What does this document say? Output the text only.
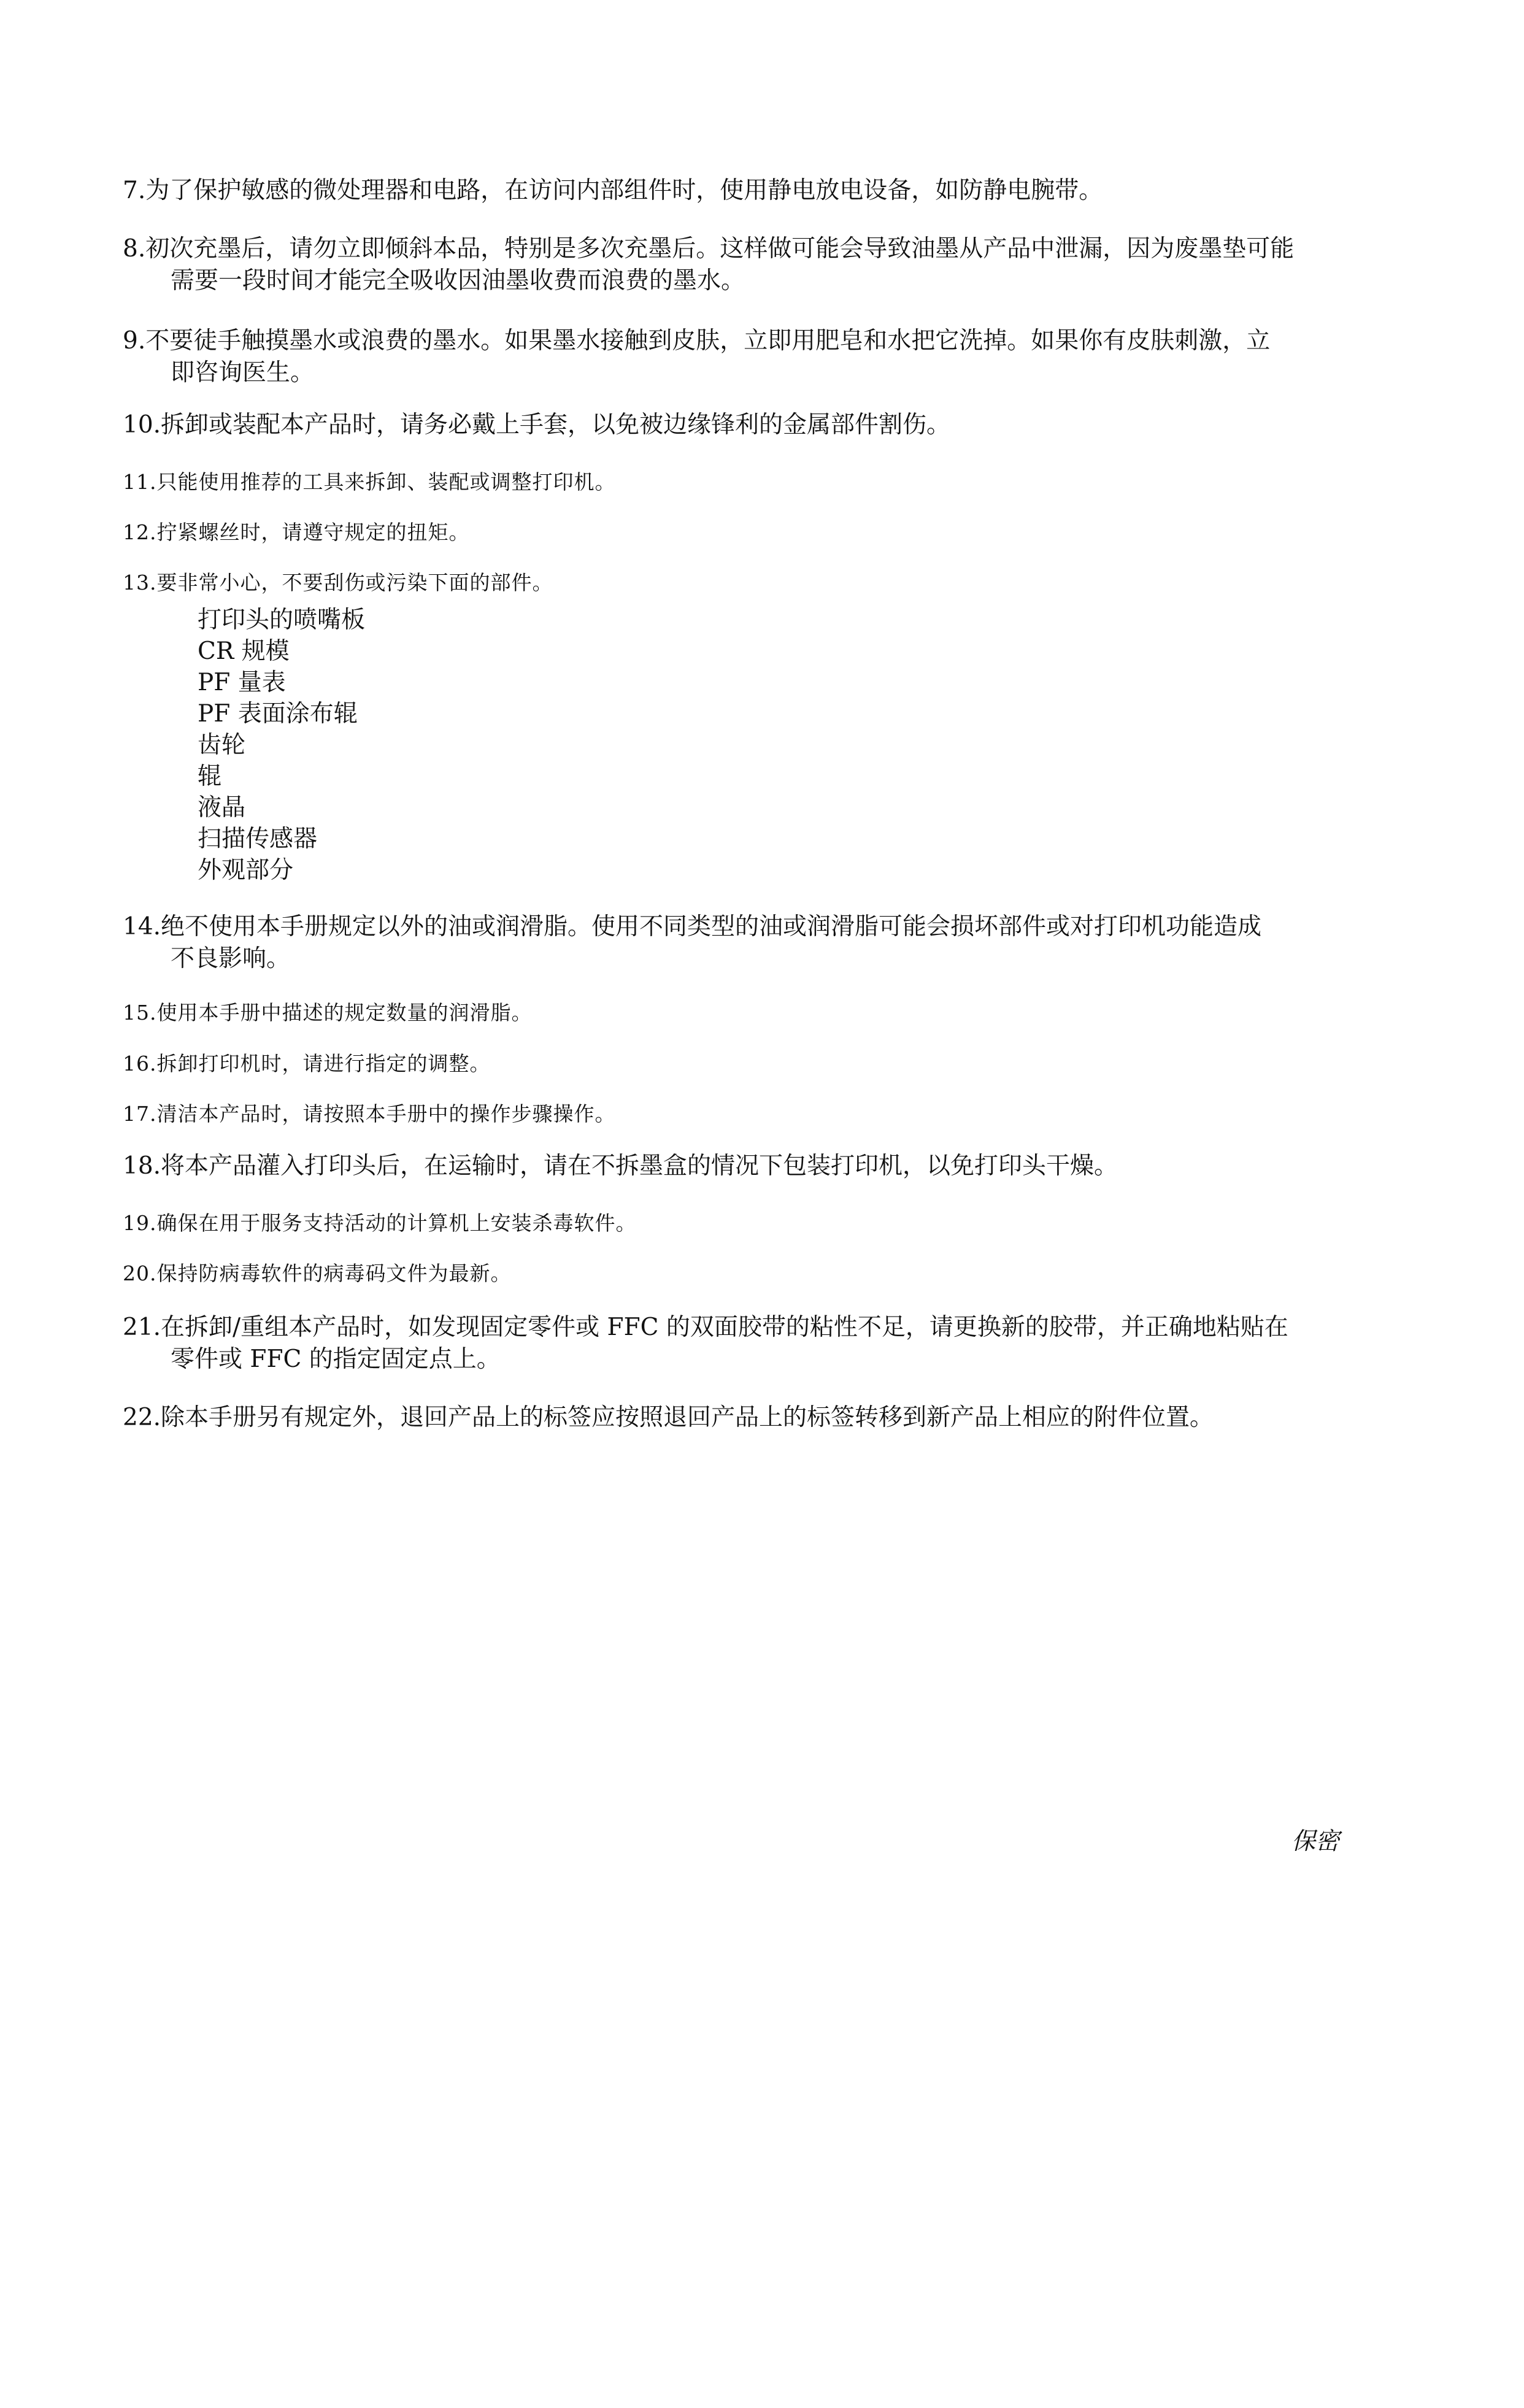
7.为了保护敏感的微处理器和电路，在访问内部组件时，使用静电放电设备，如防静电腕带。
8.初次充墨后，请勿立即倾斜本品，特别是多次充墨后。这样做可能会导致油墨从产品中泄漏，因为废墨垫可能
需要一段时间才能完全吸收因油墨收费而浪费的墨水。
9.不要徒手触摸墨水或浪费的墨水。如果墨水接触到皮肤，立即用肥皂和水把它洗掉。如果你有皮肤刺激，立
即咨询医生。
10.拆卸或装配本产品时，请务必戴上手套，以免被边缘锋利的金属部件割伤。
11.只能使用推荐的工具来拆卸、装配或调整打印机。
12.拧紧螺丝时，请遵守规定的扭矩。
13.要非常小心，不要刮伤或污染下面的部件。
打印头的喷嘴板
CR 规模
PF 量表
PF 表面涂布辊
齿轮
辊
液晶
扫描传感器
外观部分
14.绝不使用本手册规定以外的油或润滑脂。使用不同类型的油或润滑脂可能会损坏部件或对打印机功能造成
不良影响。
15.使用本手册中描述的规定数量的润滑脂。
16.拆卸打印机时，请进行指定的调整。
17.清洁本产品时，请按照本手册中的操作步骤操作。
18.将本产品灌入打印头后，在运输时，请在不拆墨盒的情况下包装打印机，以免打印头干燥。
19.确保在用于服务支持活动的计算机上安装杀毒软件。
20.保持防病毒软件的病毒码文件为最新。
21.在拆卸/重组本产品时，如发现固定零件或 FFC 的双面胶带的粘性不足，请更换新的胶带，并正确地粘贴在
零件或 FFC 的指定固定点上。
22.除本手册另有规定外，退回产品上的标签应按照退回产品上的标签转移到新产品上相应的附件位置。
保密
